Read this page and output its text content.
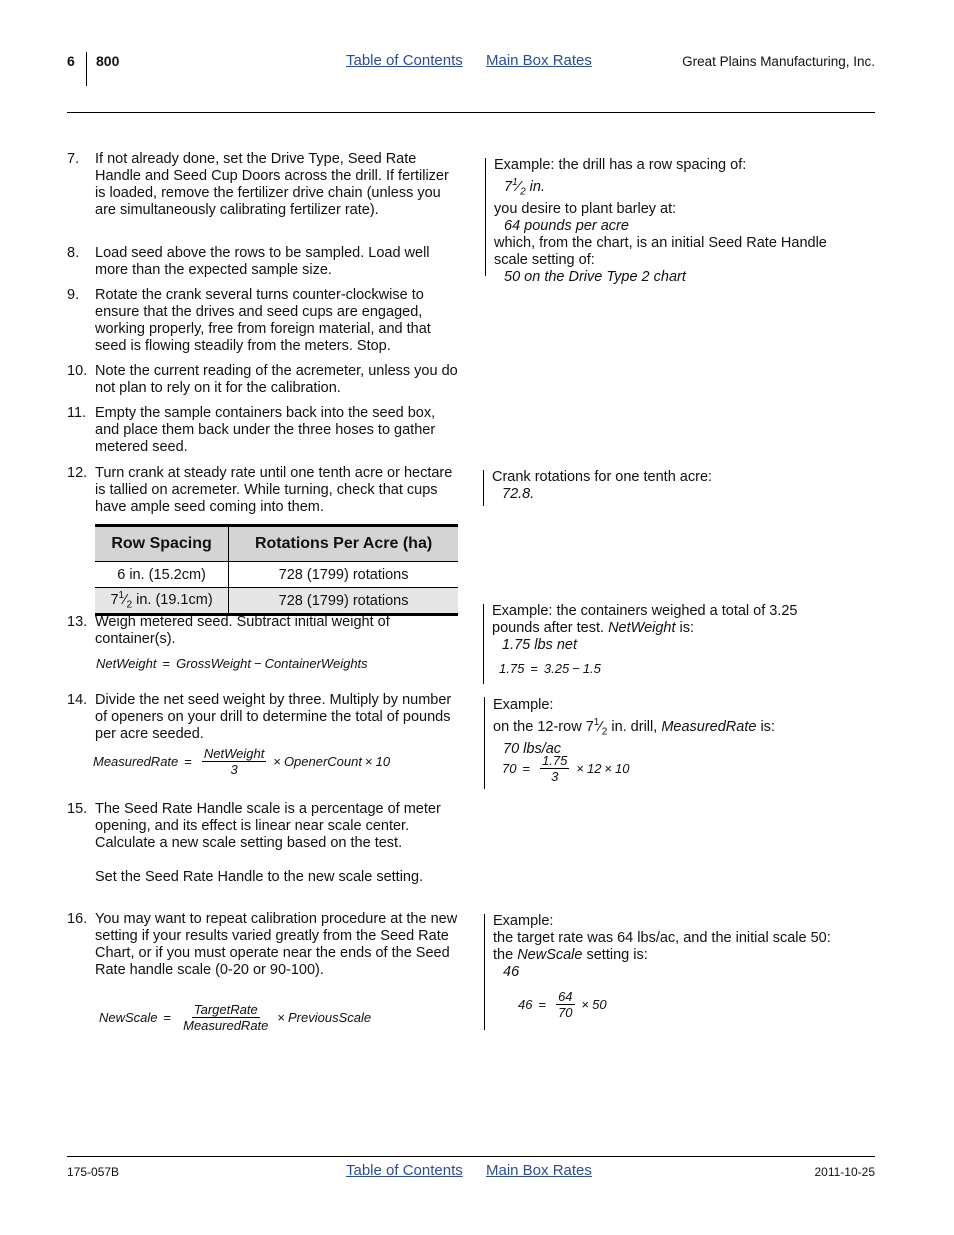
6 800	Table of Contents Main Box Rates	Great Plains Manufacturing, Inc.
7. If not already done, set the Drive Type, Seed Rate Handle and Seed Cup Doors across the drill. If fertilizer is loaded, remove the fertilizer drive chain (unless you are simultaneously calibrating fertilizer rate).
8. Load seed above the rows to be sampled. Load well more than the expected sample size.
9. Rotate the crank several turns counter-clockwise to ensure that the drives and seed cups are engaged, working properly, free from foreign material, and that seed is flowing steadily from the meters. Stop.
10. Note the current reading of the acremeter, unless you do not plan to rely on it for the calibration.
11. Empty the sample containers back into the seed box, and place them back under the three hoses to gather metered seed.
12. Turn crank at steady rate until one tenth acre or hectare is tallied on acremeter. While turning, check that cups have ample seed coming into them.
Row Spacing	Rotations Per Acre (ha)
6 in. (15.2cm)	728 (1799) rotations
$7^1⁄_2$ in. (19.1cm)	728 (1799) rotations
13. Weigh metered seed. Subtract initial weight of container(s).
NetWeight = GrossWeight − ContainerWeights
14. Divide the net seed weight by three. Multiply by number of openers on your drill to determine the total of pounds per acre seeded.
MeasuredRate = $\frac{\text{NetWeight}}{3}$ × OpenerCount × 10
15. The Seed Rate Handle scale is a percentage of meter opening, and its effect is linear near scale center. Calculate a new scale setting based on the test.
Set the Seed Rate Handle to the new scale setting.
16. You may want to repeat calibration procedure at the new setting if your results varied greatly from the Seed Rate Chart, or if you must operate near the ends of the Seed Rate handle scale (0-20 or 90-100).
NewScale = $\frac{\text{TargetRate}}{\text{MeasuredRate}}$ × PreviousScale
Example: the drill has a row spacing of:
$7^1⁄_2$ in.
you desire to plant barley at:
64 pounds per acre
which, from the chart, is an initial Seed Rate Handle scale setting of:
50 on the Drive Type 2 chart
Crank rotations for one tenth acre:
72.8.
Example: the containers weighed a total of 3.25 pounds after test. NetWeight is:
1.75 lbs net
1.75 = 3.25 − 1.5
Example:
on the 12-row $7^1⁄_2$ in. drill, MeasuredRate is:
70 lbs/ac
$70 = \frac{1.75}{3} \times 12 \times 10$
Example:
the target rate was 64 lbs/ac, and the initial scale 50:
the NewScale setting is:
46
$46 = \frac{64}{70} \times 50$
175-057B	Table of Contents Main Box Rates	2011-10-25
